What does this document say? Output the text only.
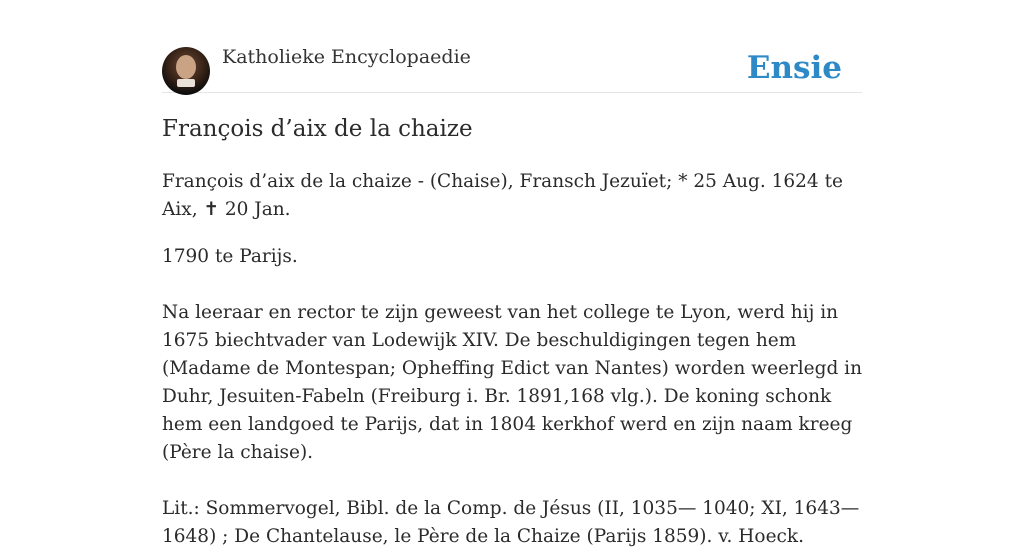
Katholieke Encyclopaedie	Ensie
François d’aix de la chaize

François d’aix de la chaize - (Chaise), Fransch Jezuïet; * 25 Aug. 1624 te Aix, ✝ 20 Jan.

1790 te Parijs.

Na leeraar en rector te zijn geweest van het college te Lyon, werd hij in 1675 biechtvader van Lodewijk XIV. De beschuldigingen tegen hem (Madame de Montespan; Opheffing Edict van Nantes) worden weerlegd in Duhr, Jesuiten-Fabeln (Freiburg i. Br. 1891,168 vlg.). De koning schonk hem een landgoed te Parijs, dat in 1804 kerkhof werd en zijn naam kreeg (Père la chaise).

Lit.: Sommervogel, Bibl. de la Comp. de Jésus (II, 1035— 1040; XI, 1643—1648) ; De Chantelause, le Père de la Chaize (Parijs 1859). v. Hoeck.
